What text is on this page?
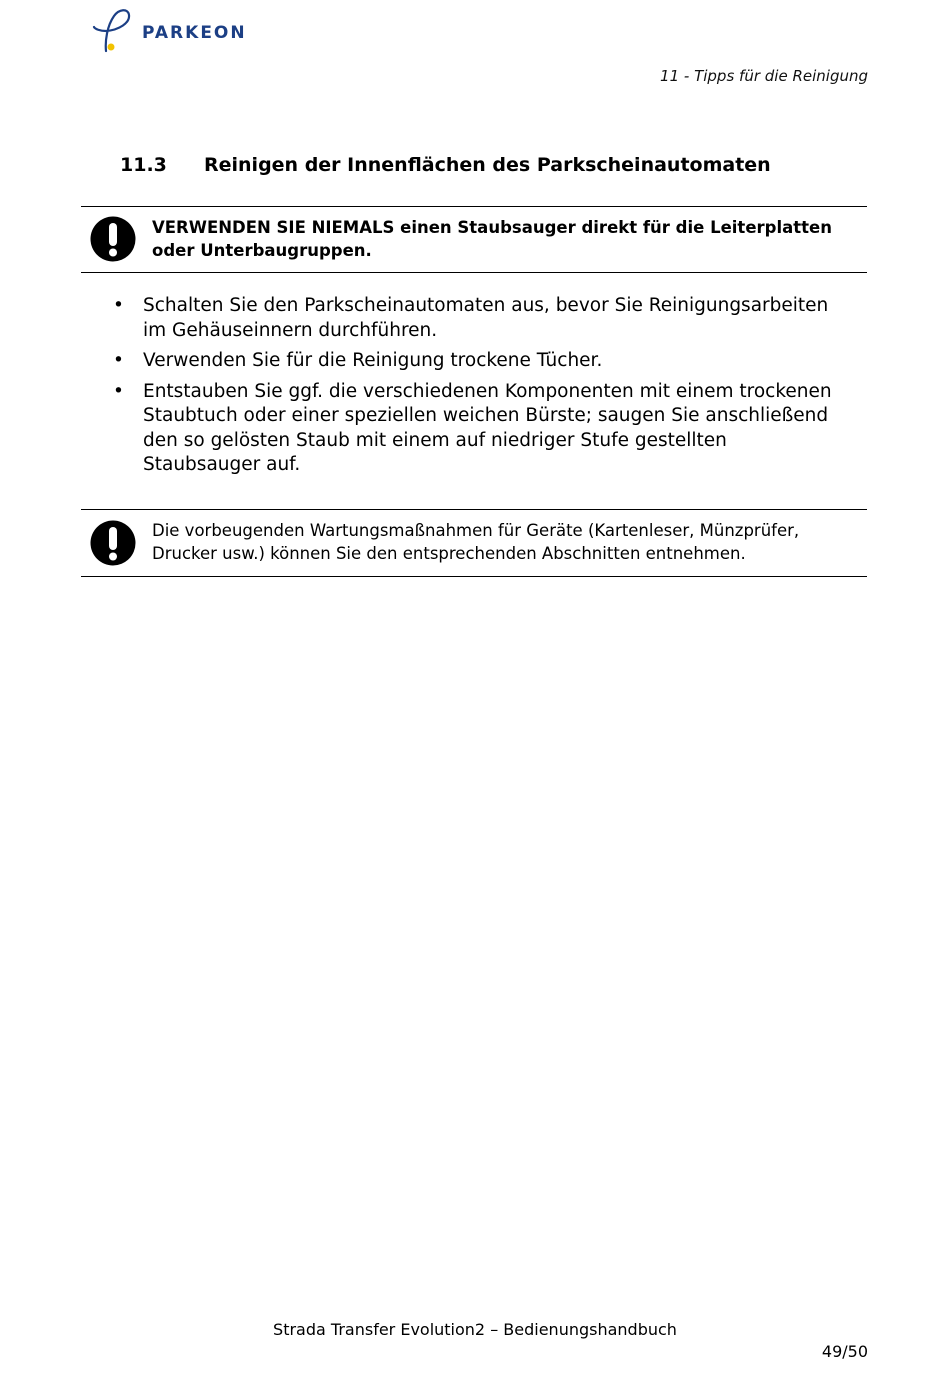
PARKEON
11 - Tipps für die Reinigung
11.3 Reinigen der Innenflächen des Parkscheinautomaten
VERWENDEN SIE NIEMALS einen Staubsauger direkt für die Leiterplatten oder Unterbaugruppen.
• Schalten Sie den Parkscheinautomaten aus, bevor Sie Reinigungsarbeiten im Gehäuseinnern durchführen.
• Verwenden Sie für die Reinigung trockene Tücher.
• Entstauben Sie ggf. die verschiedenen Komponenten mit einem trockenen Staubtuch oder einer speziellen weichen Bürste; saugen Sie anschließend den so gelösten Staub mit einem auf niedriger Stufe gestellten Staubsauger auf.
Die vorbeugenden Wartungsmaßnahmen für Geräte (Kartenleser, Münzprüfer, Drucker usw.) können Sie den entsprechenden Abschnitten entnehmen.
Strada Transfer Evolution2 – Bedienungshandbuch
49/50
